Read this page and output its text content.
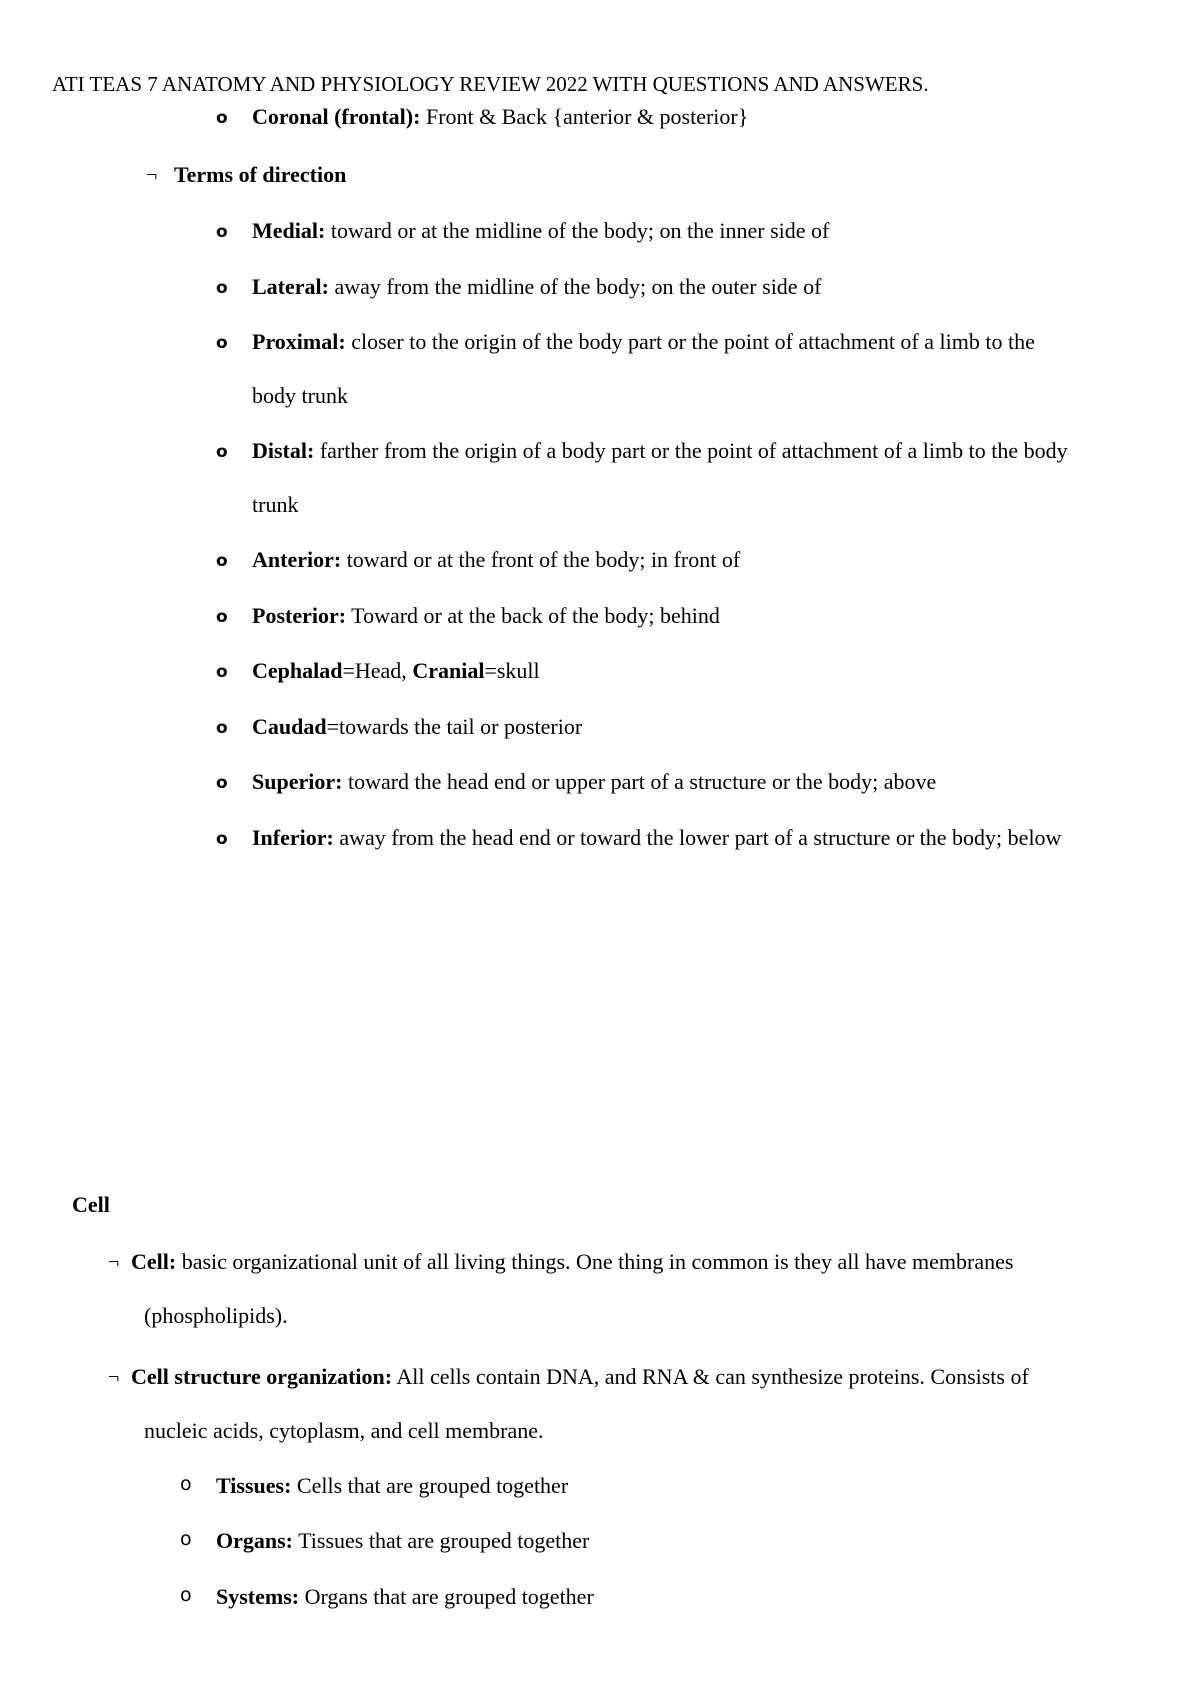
ATI TEAS 7 ANATOMY AND PHYSIOLOGY REVIEW 2022 WITH QUESTIONS AND ANSWERS.
o Coronal (frontal): Front & Back {anterior & posterior}
¬ Terms of direction
o Medial: toward or at the midline of the body; on the inner side of
o Lateral: away from the midline of the body; on the outer side of
o Proximal: closer to the origin of the body part or the point of attachment of a limb to the
body trunk
o Distal: farther from the origin of a body part or the point of attachment of a limb to the body
trunk
o Anterior: toward or at the front of the body; in front of
o Posterior: Toward or at the back of the body; behind
o Cephalad=Head, Cranial=skull
o Caudad=towards the tail or posterior
o Superior: toward the head end or upper part of a structure or the body; above
o Inferior: away from the head end or toward the lower part of a structure or the body; below
Cell
¬ Cell: basic organizational unit of all living things. One thing in common is they all have membranes
(phospholipids).
¬ Cell structure organization: All cells contain DNA, and RNA & can synthesize proteins. Consists of
nucleic acids, cytoplasm, and cell membrane.
o Tissues: Cells that are grouped together
o Organs: Tissues that are grouped together
o Systems: Organs that are grouped together
